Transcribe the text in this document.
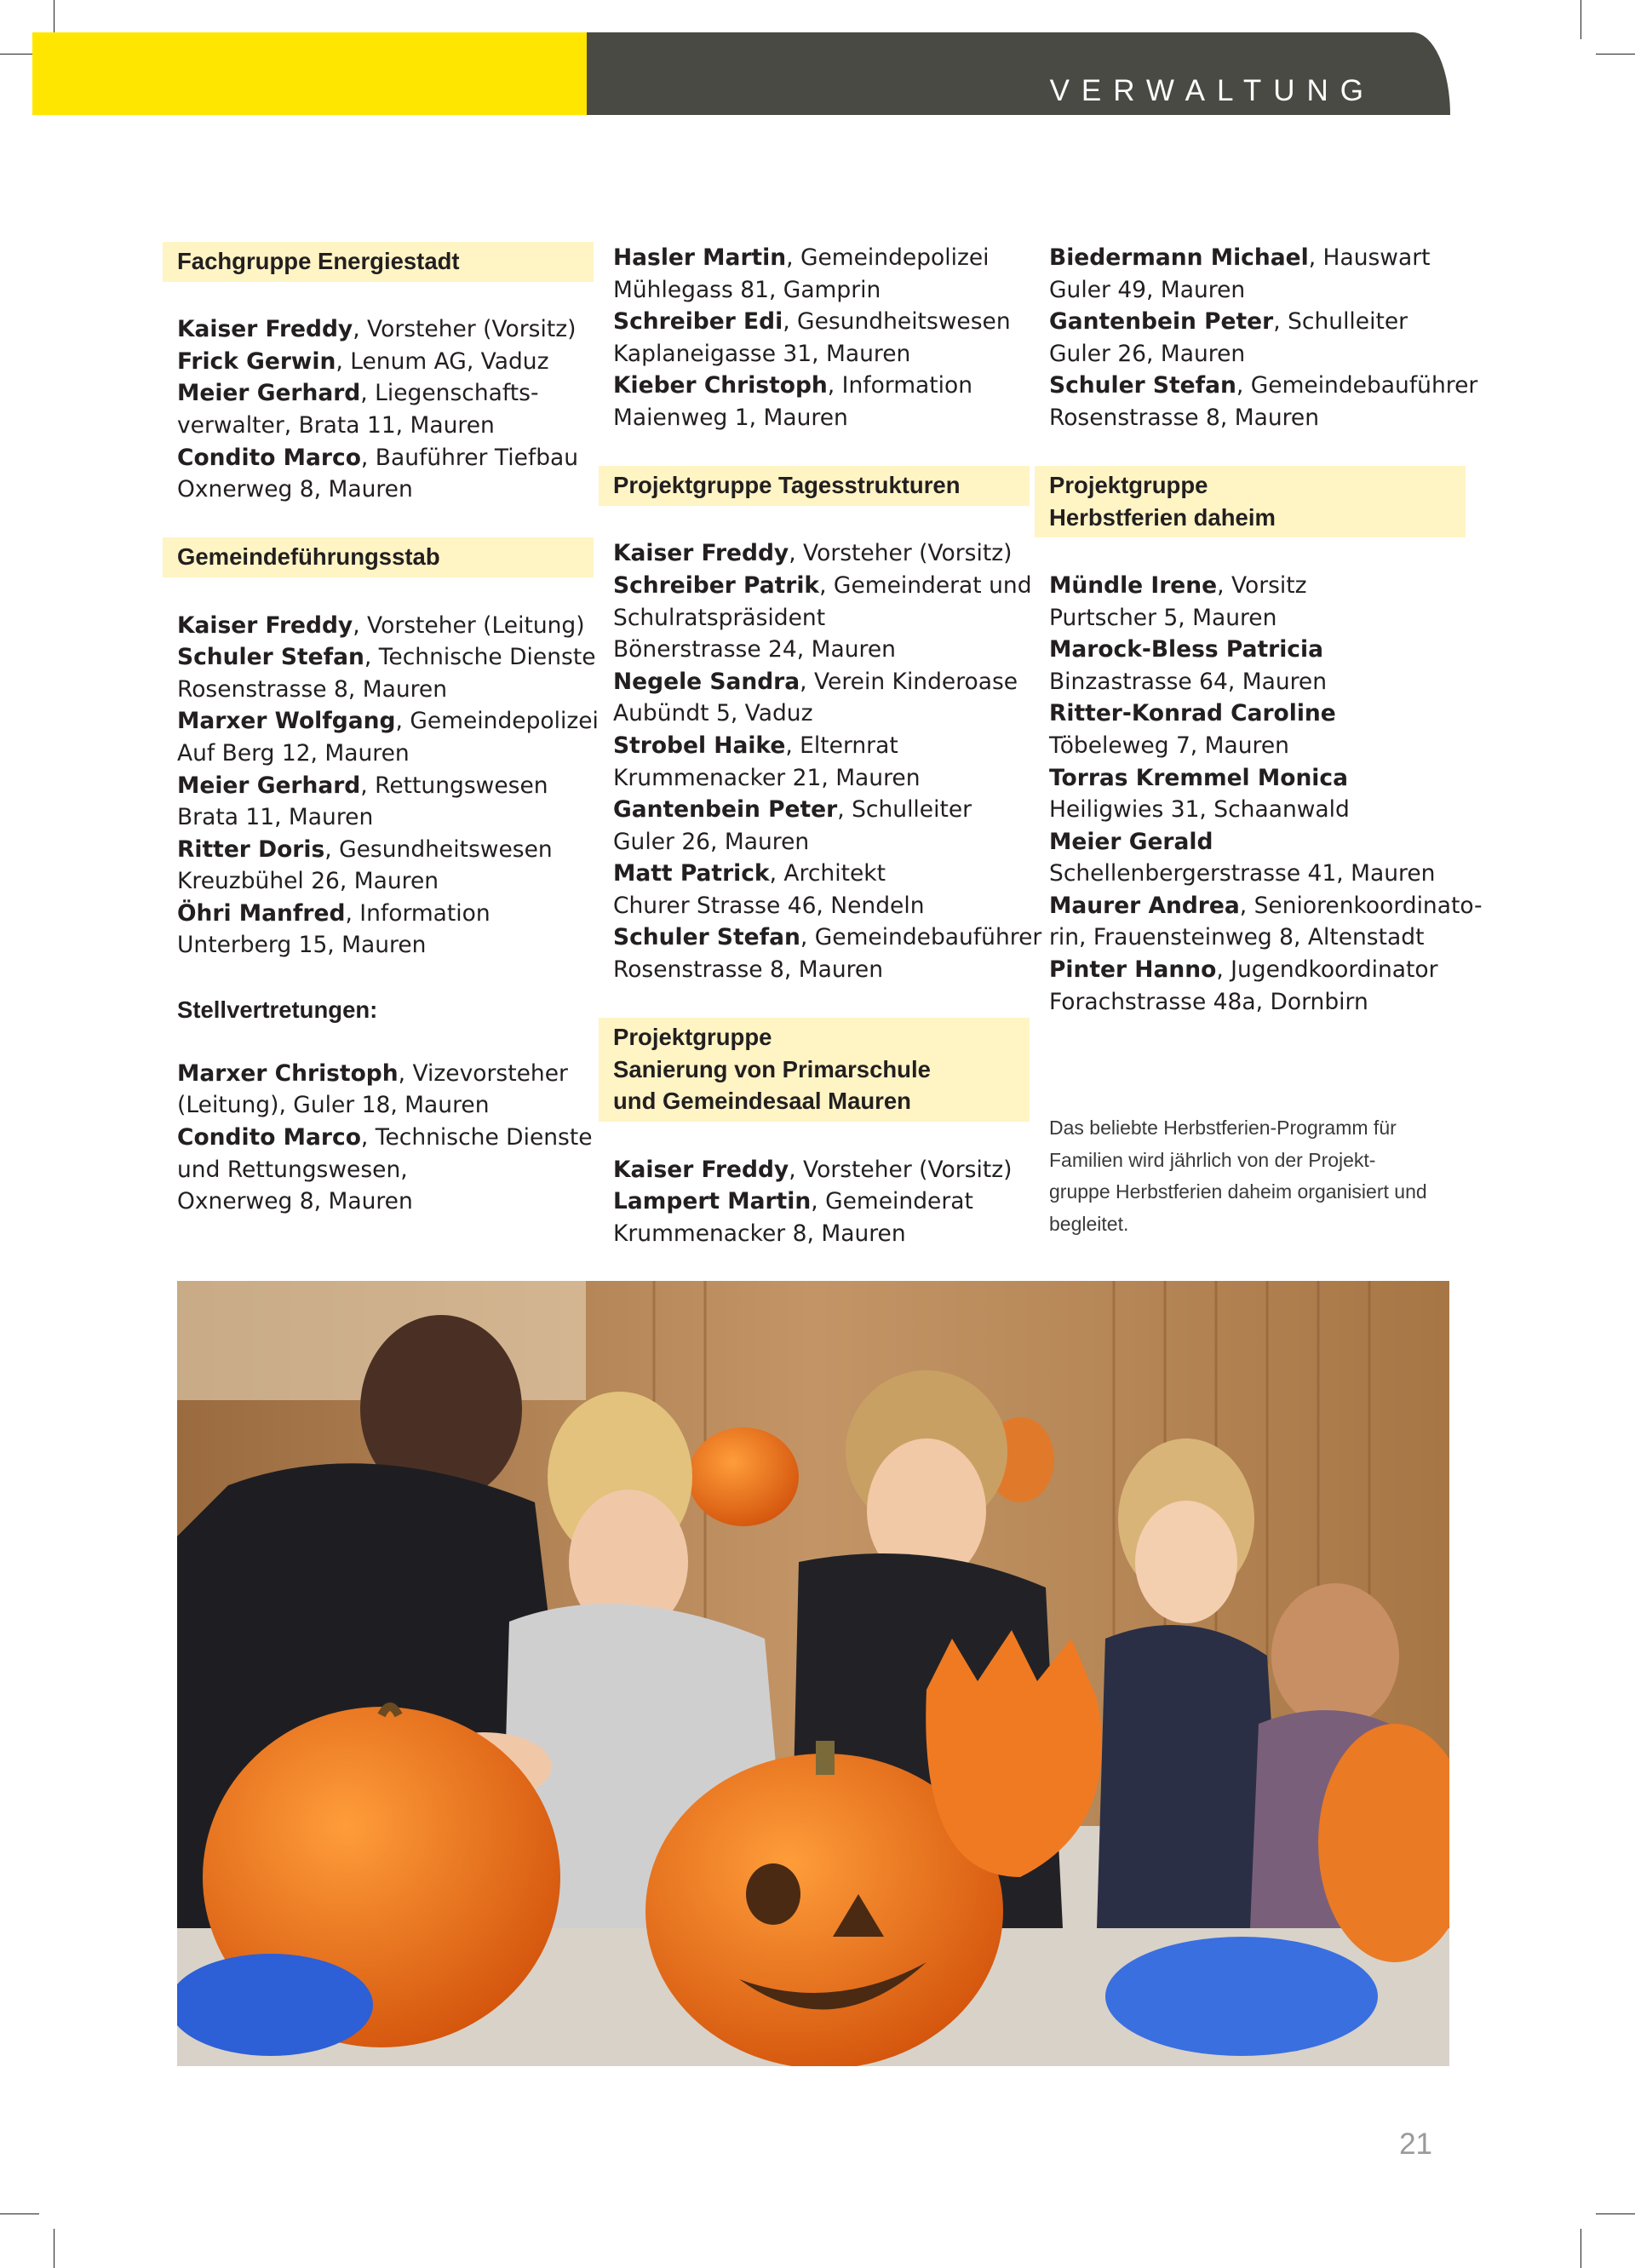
VERWALTUNG
Fachgruppe Energiestadt
Kaiser Freddy, Vorsteher (Vorsitz)
Frick Gerwin, Lenum AG, Vaduz
Meier Gerhard, Liegenschafts-
verwalter, Brata 11, Mauren
Condito Marco, Bauführer Tiefbau
Oxnerweg 8, Mauren
Gemeindeführungsstab
Kaiser Freddy, Vorsteher (Leitung)
Schuler Stefan, Technische Dienste
Rosenstrasse 8, Mauren
Marxer Wolfgang, Gemeindepolizei
Auf Berg 12, Mauren
Meier Gerhard, Rettungswesen
Brata 11, Mauren
Ritter Doris, Gesundheitswesen
Kreuzbühel 26, Mauren
Öhri Manfred, Information
Unterberg 15, Mauren
Stellvertretungen:
Marxer Christoph, Vizevorsteher
(Leitung), Guler 18, Mauren
Condito Marco, Technische Dienste
und Rettungswesen,
Oxnerweg 8, Mauren
Hasler Martin, Gemeindepolizei
Mühlegass 81, Gamprin
Schreiber Edi, Gesundheitswesen
Kaplaneigasse 31, Mauren
Kieber Christoph, Information
Maienweg 1, Mauren
Projektgruppe Tagesstrukturen
Kaiser Freddy, Vorsteher (Vorsitz)
Schreiber Patrik, Gemeinderat und
Schulratspräsident
Bönerstrasse 24, Mauren
Negele Sandra, Verein Kinderoase
Aubündt 5, Vaduz
Strobel Haike, Elternrat
Krummenacker 21, Mauren
Gantenbein Peter, Schulleiter
Guler 26, Mauren
Matt Patrick, Architekt
Churer Strasse 46, Nendeln
Schuler Stefan, Gemeindebauführer
Rosenstrasse 8, Mauren
Projektgruppe
Sanierung von Primarschule
und Gemeindesaal Mauren
Kaiser Freddy, Vorsteher (Vorsitz)
Lampert Martin, Gemeinderat
Krummenacker 8, Mauren
Biedermann Michael, Hauswart
Guler 49, Mauren
Gantenbein Peter, Schulleiter
Guler 26, Mauren
Schuler Stefan, Gemeindebauführer
Rosenstrasse 8, Mauren
Projektgruppe
Herbstferien daheim
Mündle Irene, Vorsitz
Purtscher 5, Mauren
Marock-Bless Patricia
Binzastrasse 64, Mauren
Ritter-Konrad Caroline
Töbeleweg 7, Mauren
Torras Kremmel Monica
Heiligwies 31, Schaanwald
Meier Gerald
Schellenbergerstrasse 41, Mauren
Maurer Andrea, Seniorenkoordinato-
rin, Frauensteinweg 8, Altenstadt
Pinter Hanno, Jugendkoordinator
Forachstrasse 48a, Dornbirn
Das beliebte Herbstferien-Programm für
Familien wird jährlich von der Projekt-
gruppe Herbstferien daheim organisiert und
begleitet.
21
